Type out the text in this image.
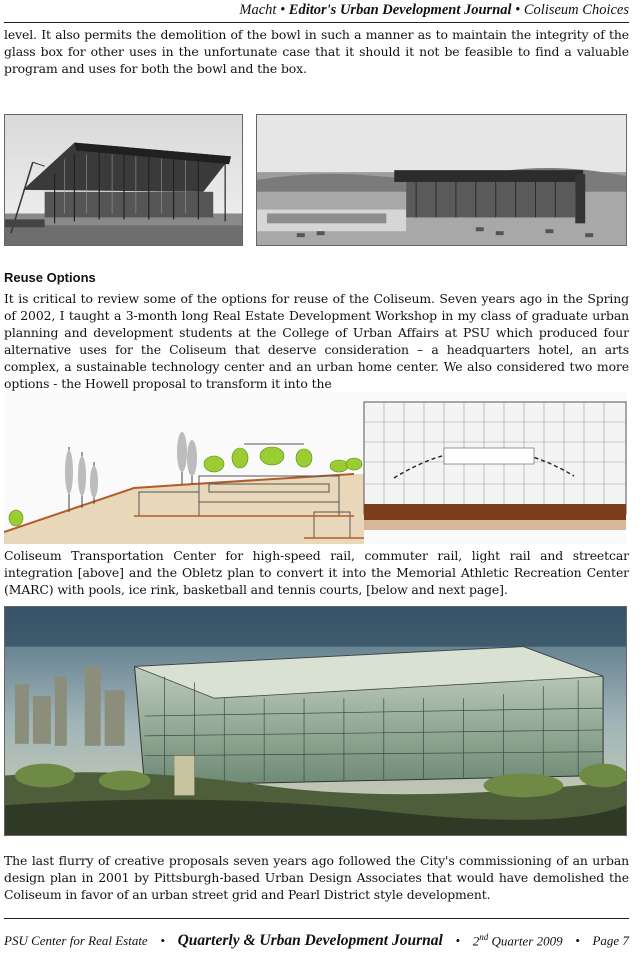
Macht • Editor's Urban Development Journal • Coliseum Choices

level. It also permits the demolition of the bowl in such a manner as to maintain the integrity of the glass box for other uses in the unfortunate case that it should it not be feasible to find a valuable program and uses for both the bowl and the box.

Reuse Options

It is critical to review some of the options for reuse of the Coliseum. Seven years ago in the Spring of 2002, I taught a 3-month long Real Estate Development Workshop in my class of graduate urban planning and development students at the College of Urban Affairs at PSU which produced four alternative uses for the Coliseum that deserve consideration – a headquarters hotel, an arts complex, a sustainable technology center and an urban home center. We also considered two more options - the Howell proposal to transform it into the

Coliseum Transportation Center for high-speed rail, commuter rail, light rail and streetcar integration [above] and the Obletz plan to convert it into the Memorial Athletic Recreation Center (MARC) with pools, ice rink, basketball and tennis courts, [below and next page].

The last flurry of creative proposals seven years ago followed the City's commissioning of an urban design plan in 2001 by Pittsburgh-based Urban Design Associates that would have demolished the Coliseum in favor of an urban street grid and Pearl District style development.

PSU Center for Real Estate • Quarterly & Urban Development Journal • 2nd Quarter 2009 • Page 7
